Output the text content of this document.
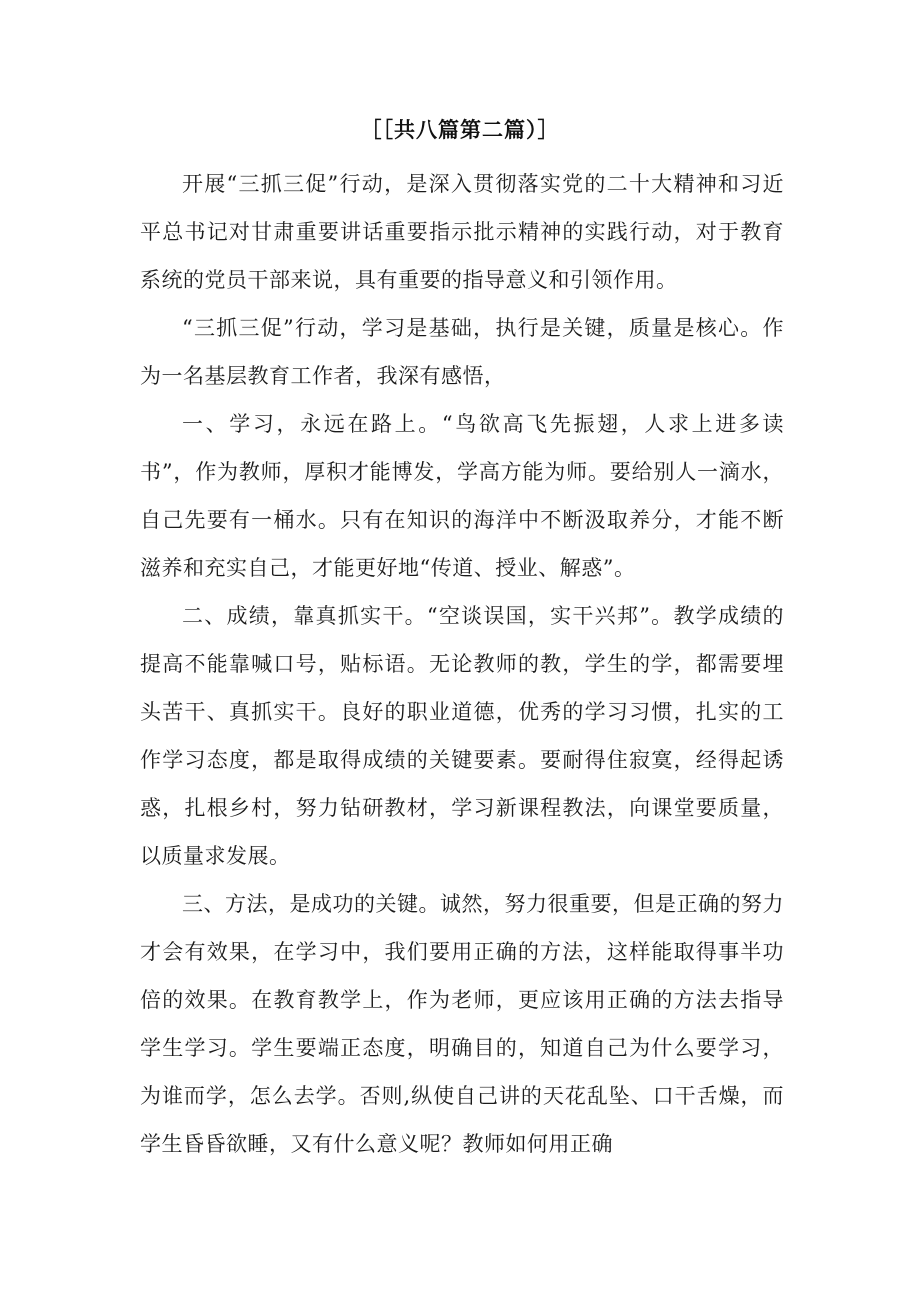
［［共八篇第二篇）］

开展“三抓三促”行动，是深入贯彻落实党的二十大精神和习近平总书记对甘肃重要讲话重要指示批示精神的实践行动，对于教育系统的党员干部来说，具有重要的指导意义和引领作用。

“三抓三促”行动，学习是基础，执行是关键，质量是核心。作为一名基层教育工作者，我深有感悟，

一、学习，永远在路上。“鸟欲高飞先振翅，人求上进多读书”，作为教师，厚积才能博发，学高方能为师。要给别人一滴水，自己先要有一桶水。只有在知识的海洋中不断汲取养分，才能不断滋养和充实自己，才能更好地“传道、授业、解惑”。

二、成绩，靠真抓实干。“空谈误国，实干兴邦”。教学成绩的提高不能靠喊口号，贴标语。无论教师的教，学生的学，都需要埋头苦干、真抓实干。良好的职业道德，优秀的学习习惯，扎实的工作学习态度，都是取得成绩的关键要素。要耐得住寂寞，经得起诱惑，扎根乡村，努力钻研教材，学习新课程教法，向课堂要质量，以质量求发展。

三、方法，是成功的关键。诚然，努力很重要，但是正确的努力才会有效果，在学习中，我们要用正确的方法，这样能取得事半功倍的效果。在教育教学上，作为老师，更应该用正确的方法去指导学生学习。学生要端正态度，明确目的，知道自己为什么要学习，为谁而学，怎么去学。否则,纵使自己讲的天花乱坠、口干舌燥，而学生昏昏欲睡，又有什么意义呢？教师如何用正确
